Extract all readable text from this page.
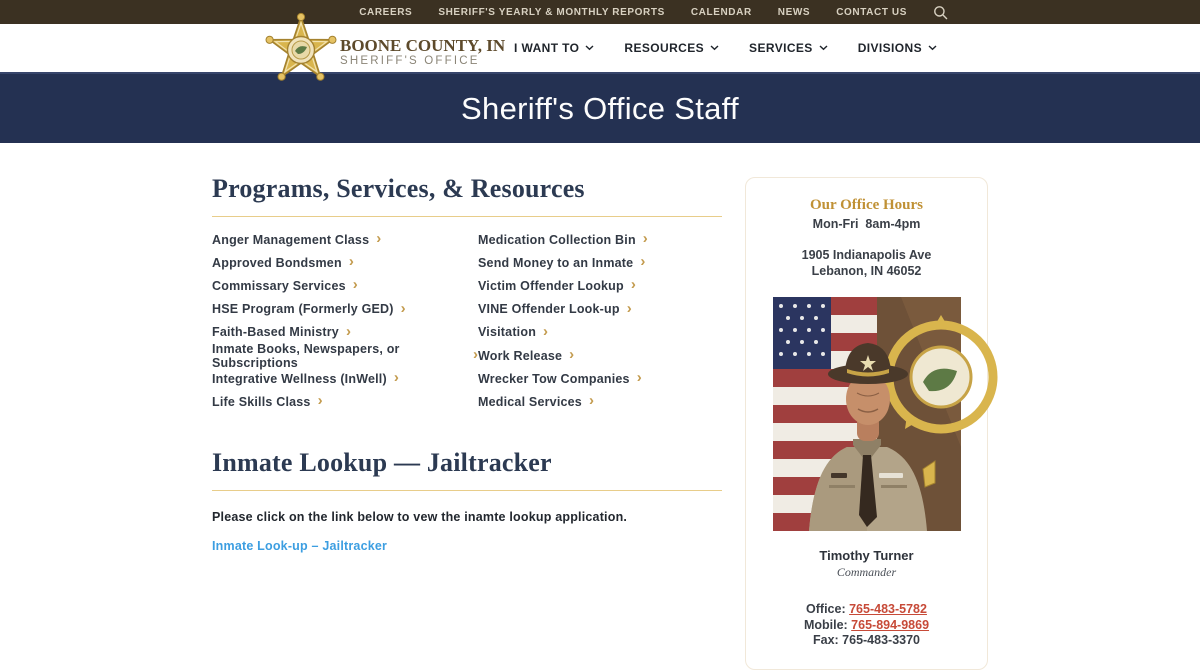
CAREERS	SHERIFF'S YEARLY & MONTHLY REPORTS	CALENDAR	NEWS	CONTACT US
BOONE COUNTY, IN
SHERIFF'S OFFICE
I WANT TO	RESOURCES	SERVICES	DIVISIONS
Sheriff's Office Staff
Programs, Services, & Resources
Anger Management Class ›
Approved Bondsmen ›
Commissary Services ›
HSE Program (Formerly GED) ›
Faith-Based Ministry ›
Inmate Books, Newspapers, or Subscriptions	›
Integrative Wellness (InWell) ›
Life Skills Class ›
Medication Collection Bin ›
Send Money to an Inmate ›
Victim Offender Lookup ›
VINE Offender Look-up ›
Visitation ›
Work Release ›
Wrecker Tow Companies ›
Medical Services ›
Inmate Lookup — Jailtracker

Please click on the link below to vew the inamte lookup application.

Inmate Look-up – Jailtracker
Our Office Hours
Mon-Fri  8am-4pm
1905 Indianapolis Ave
Lebanon, IN 46052
Timothy Turner
Commander
Office: 765-483-5782
Mobile: 765-894-9869
Fax: 765-483-3370
